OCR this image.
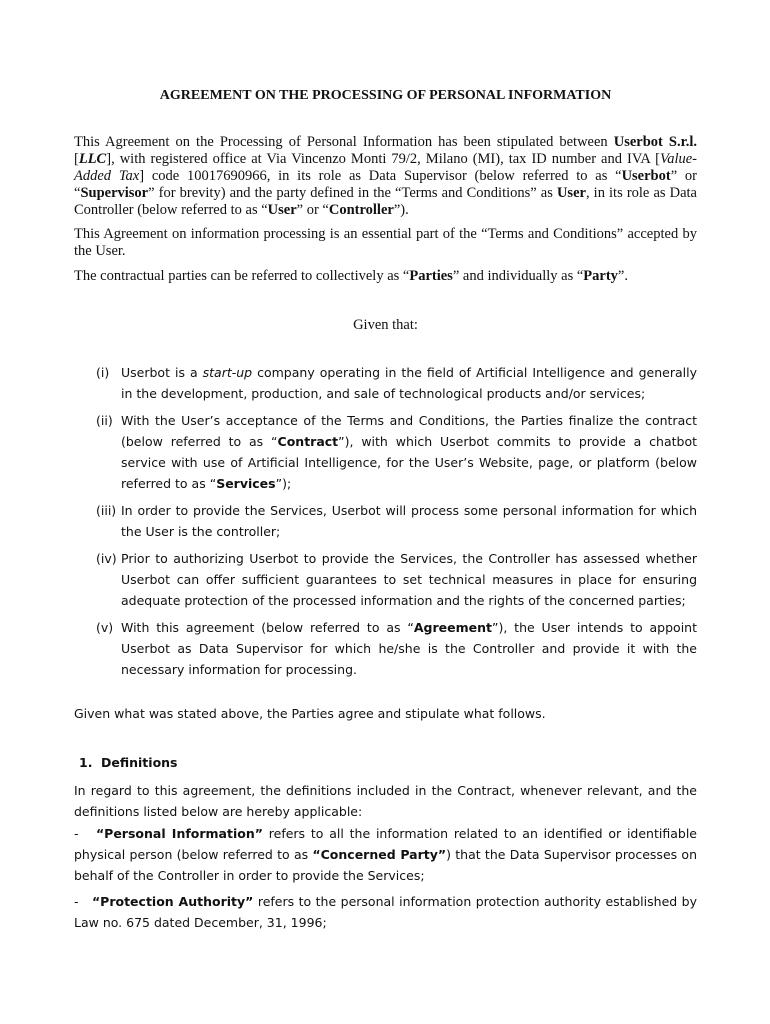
AGREEMENT ON THE PROCESSING OF PERSONAL INFORMATION

This Agreement on the Processing of Personal Information has been stipulated between Userbot S.r.l. [LLC], with registered office at Via Vincenzo Monti 79/2, Milano (MI), tax ID number and IVA [Value-Added Tax] code 10017690966, in its role as Data Supervisor (below referred to as “Userbot” or “Supervisor” for brevity) and the party defined in the “Terms and Conditions” as User, in its role as Data Controller (below referred to as “User” or “Controller”).

This Agreement on information processing is an essential part of the “Terms and Conditions” accepted by the User.

The contractual parties can be referred to collectively as “Parties” and individually as “Party”.

Given that:

(i) Userbot is a start-up company operating in the field of Artificial Intelligence and generally in the development, production, and sale of technological products and/or services;
(ii) With the User’s acceptance of the Terms and Conditions, the Parties finalize the contract (below referred to as “Contract”), with which Userbot commits to provide a chatbot service with use of Artificial Intelligence, for the User’s Website, page, or platform (below referred to as “Services”);
(iii) In order to provide the Services, Userbot will process some personal information for which the User is the controller;
(iv) Prior to authorizing Userbot to provide the Services, the Controller has assessed whether Userbot can offer sufficient guarantees to set technical measures in place for ensuring adequate protection of the processed information and the rights of the concerned parties;
(v) With this agreement (below referred to as “Agreement”), the User intends to appoint Userbot as Data Supervisor for which he/she is the Controller and provide it with the necessary information for processing.

Given what was stated above, the Parties agree and stipulate what follows.

1. Definitions

In regard to this agreement, the definitions included in the Contract, whenever relevant, and the definitions listed below are hereby applicable:

- “Personal Information” refers to all the information related to an identified or identifiable physical person (below referred to as “Concerned Party”) that the Data Supervisor processes on behalf of the Controller in order to provide the Services;

- “Protection Authority” refers to the personal information protection authority established by Law no. 675 dated December, 31, 1996;
